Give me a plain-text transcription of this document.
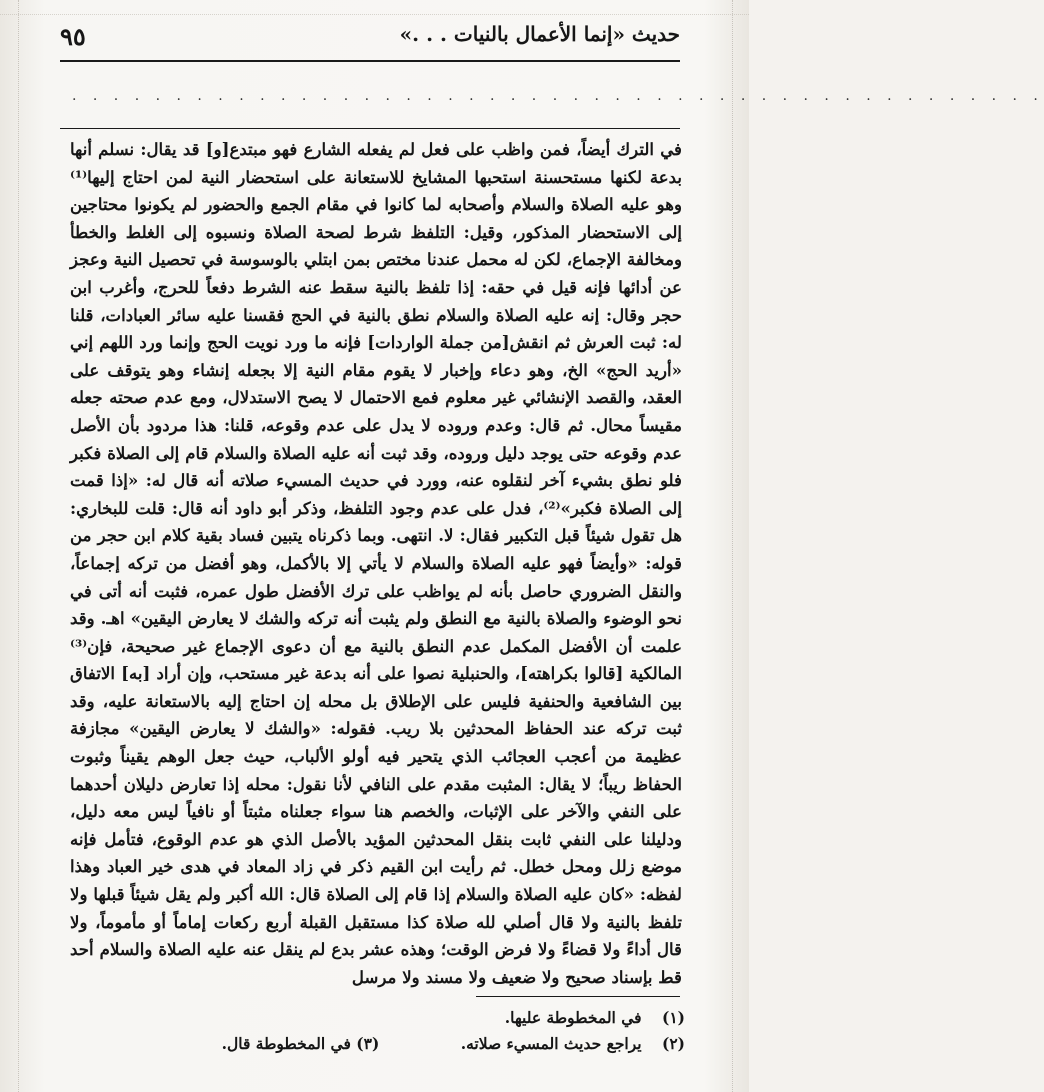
٩٥	حديث «إنما الأعمال بالنيات . . .»
. . . . . . . . . . . . . . . . . . . . . . . . . . . . . . . . . . . . . . . . . . . . . . .

في الترك أيضاً، فمن واظب على فعل لم يفعله الشارع فهو مبتدع[و] قد يقال: نسلم أنها بدعة لكنها مستحسنة استحبها المشايخ للاستعانة على استحضار النية لمن احتاج إليها⁽¹⁾ وهو عليه الصلاة والسلام وأصحابه لما كانوا في مقام الجمع والحضور لم يكونوا محتاجين إلى الاستحضار المذكور، وقيل: التلفظ شرط لصحة الصلاة ونسبوه إلى الغلط والخطأ ومخالفة الإجماع، لكن له محمل عندنا مختص بمن ابتلي بالوسوسة في تحصيل النية وعجز عن أدائها فإنه قيل في حقه: إذا تلفظ بالنية سقط عنه الشرط دفعاً للحرج، وأغرب ابن حجر وقال: إنه عليه الصلاة والسلام نطق بالنية في الحج فقسنا عليه سائر العبادات، قلنا له: ثبت العرش ثم انقش[من جملة الواردات] فإنه ما ورد نويت الحج وإنما ورد اللهم إني «أريد الحج» الخ، وهو دعاء وإخبار لا يقوم مقام النية إلا بجعله إنشاء وهو يتوقف على العقد، والقصد الإنشائي غير معلوم فمع الاحتمال لا يصح الاستدلال، ومع عدم صحته جعله مقيساً محال. ثم قال: وعدم وروده لا يدل على عدم وقوعه، قلنا: هذا مردود بأن الأصل عدم وقوعه حتى يوجد دليل وروده، وقد ثبت أنه عليه الصلاة والسلام قام إلى الصلاة فكبر فلو نطق بشيء آخر لنقلوه عنه، وورد في حديث المسيء صلاته أنه قال له: «إذا قمت إلى الصلاة فكبر»⁽²⁾، فدل على عدم وجود التلفظ، وذكر أبو داود أنه قال: قلت للبخاري: هل تقول شيئاً قبل التكبير فقال: لا. انتهى. وبما ذكرناه يتبين فساد بقية كلام ابن حجر من قوله: «وأيضاً فهو عليه الصلاة والسلام لا يأتي إلا بالأكمل، وهو أفضل من تركه إجماعاً، والنقل الضروري حاصل بأنه لم يواظب على ترك الأفضل طول عمره، فثبت أنه أتى في نحو الوضوء والصلاة بالنية مع النطق ولم يثبت أنه تركه والشك لا يعارض اليقين» اهـ. وقد علمت أن الأفضل المكمل عدم النطق بالنية مع أن دعوى الإجماع غير صحيحة، فإن⁽³⁾ المالكية [قالوا بكراهته]، والحنبلية نصوا على أنه بدعة غير مستحب، وإن أراد [به] الاتفاق بين الشافعية والحنفية فليس على الإطلاق بل محله إن احتاج إليه بالاستعانة عليه، وقد ثبت تركه عند الحفاظ المحدثين بلا ريب. فقوله: «والشك لا يعارض اليقين» مجازفة عظيمة من أعجب العجائب الذي يتحير فيه أولو الألباب، حيث جعل الوهم يقيناً وثبوت الحفاظ ريباً؛ لا يقال: المثبت مقدم على النافي لأنا نقول: محله إذا تعارض دليلان أحدهما على النفي والآخر على الإثبات، والخصم هنا سواء جعلناه مثبتاً أو نافياً ليس معه دليل، ودليلنا على النفي ثابت بنقل المحدثين المؤيد بالأصل الذي هو عدم الوقوع، فتأمل فإنه موضع زلل ومحل خطل. ثم رأيت ابن القيم ذكر في زاد المعاد في هدى خير العباد وهذا لفظه: «كان عليه الصلاة والسلام إذا قام إلى الصلاة قال: الله أكبر ولم يقل شيئاً قبلها ولا تلفظ بالنية ولا قال أصلي لله صلاة كذا مستقبل القبلة أربع ركعات إماماً أو مأموماً، ولا قال أداءً ولا قضاءً ولا فرض الوقت؛ وهذه عشر بدع لم ينقل عنه عليه الصلاة والسلام أحد قط بإسناد صحيح ولا ضعيف ولا مسند ولا مرسل

(١) في المخطوطة عليها.
(٢) يراجع حديث المسيء صلاته. (٣) في المخطوطة قال.
